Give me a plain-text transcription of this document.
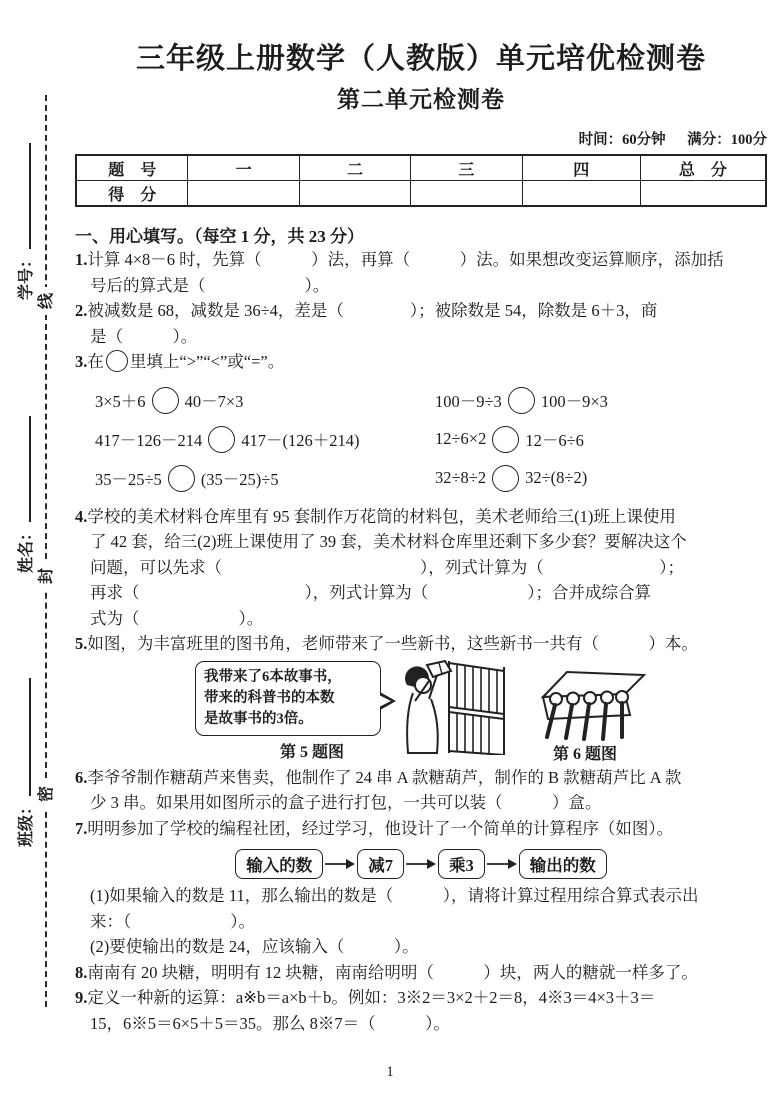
线
封
密
学号：
姓名：
班级：
三年级上册数学（人教版）单元培优检测卷
第二单元检测卷
时间：60分钟 满分：100分
题　号	一	二	三	四	总　分
得　分					
一、用心填写。（每空 1 分，共 23 分）
1.计算 4×8－6 时，先算（　　　）法，再算（　　　）法。如果想改变运算顺序，添加括
号后的算式是（　　　　　　）。
2.被减数是 68，减数是 36÷4，差是（　　　　）；被除数是 54，除数是 6＋3，商
是（　　　）。
3.在 里填上“>”“<”或“=”。
3×5＋6 40－7×3	100－9÷3 100－9×3
417－126－214 417－(126＋214)	12÷6×2 12－6÷6
35－25÷5 (35－25)÷5	32÷8÷2 32÷(8÷2)
4.学校的美术材料仓库里有 95 套制作万花筒的材料包，美术老师给三(1)班上课使用
了 42 套，给三(2)班上课使用了 39 套，美术材料仓库里还剩下多少套？要解决这个
问题，可以先求（　　　　　　　　　　　　），列式计算为（　　　　　　　）；
再求（　　　　　　　　　　），列式计算为（　　　　　　）；合并成综合算
式为（　　　　　　）。
5.如图，为丰富班里的图书角，老师带来了一些新书，这些新书一共有（　　　）本。
我带来了6本故事书，
带来的科普书的本数
是故事书的3倍。
第 5 题图	第 6 题图
6.李爷爷制作糖葫芦来售卖，他制作了 24 串 A 款糖葫芦，制作的 B 款糖葫芦比 A 款
少 3 串。如果用如图所示的盒子进行打包，一共可以装（　　　）盒。
7.明明参加了学校的编程社团，经过学习，他设计了一个简单的计算程序（如图）。
输入的数	减7	乘3	输出的数
(1)如果输入的数是 11，那么输出的数是（　　　），请将计算过程用综合算式表示出
来：（　　　　　　）。
(2)要使输出的数是 24，应该输入（　　　）。
8.南南有 20 块糖，明明有 12 块糖，南南给明明（　　　）块，两人的糖就一样多了。
9.定义一种新的运算：a※b＝a×b＋b。例如：3※2＝3×2＋2＝8，4※3＝4×3＋3＝
15，6※5＝6×5＋5＝35。那么 8※7＝（　　　）。
1
